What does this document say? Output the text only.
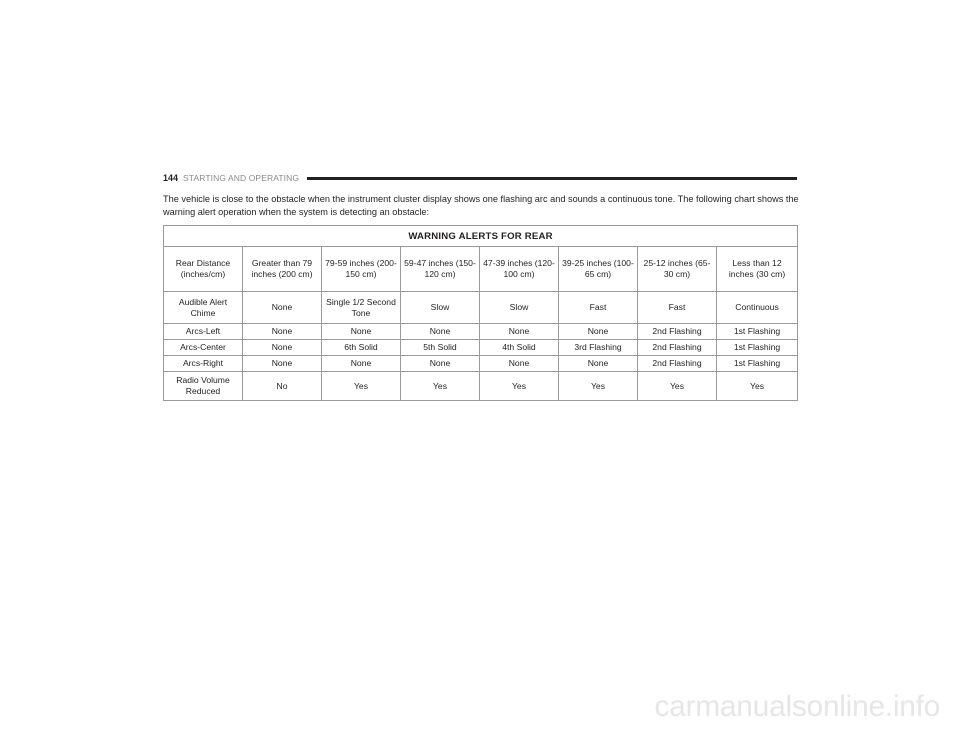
144 STARTING AND OPERATING

The vehicle is close to the obstacle when the instrument cluster display shows one flashing arc and sounds a continuous tone. The following chart shows the warning alert operation when the system is detecting an obstacle:

WARNING ALERTS FOR REAR							
Rear Distance (inches/cm)	Greater than 79 inches (200 cm)	79-59 inches (200-150 cm)	59-47 inches (150-120 cm)	47-39 inches (120-100 cm)	39-25 inches (100-65 cm)	25-12 inches (65-30 cm)	Less than 12 inches (30 cm)
Audible Alert Chime	None	Single 1/2 Second Tone	Slow	Slow	Fast	Fast	Continuous
Arcs-Left	None	None	None	None	None	2nd Flashing	1st Flashing
Arcs-Center	None	6th Solid	5th Solid	4th Solid	3rd Flashing	2nd Flashing	1st Flashing
Arcs-Right	None	None	None	None	None	2nd Flashing	1st Flashing
Radio Volume Reduced	No	Yes	Yes	Yes	Yes	Yes	Yes
carmanualsonline.info
